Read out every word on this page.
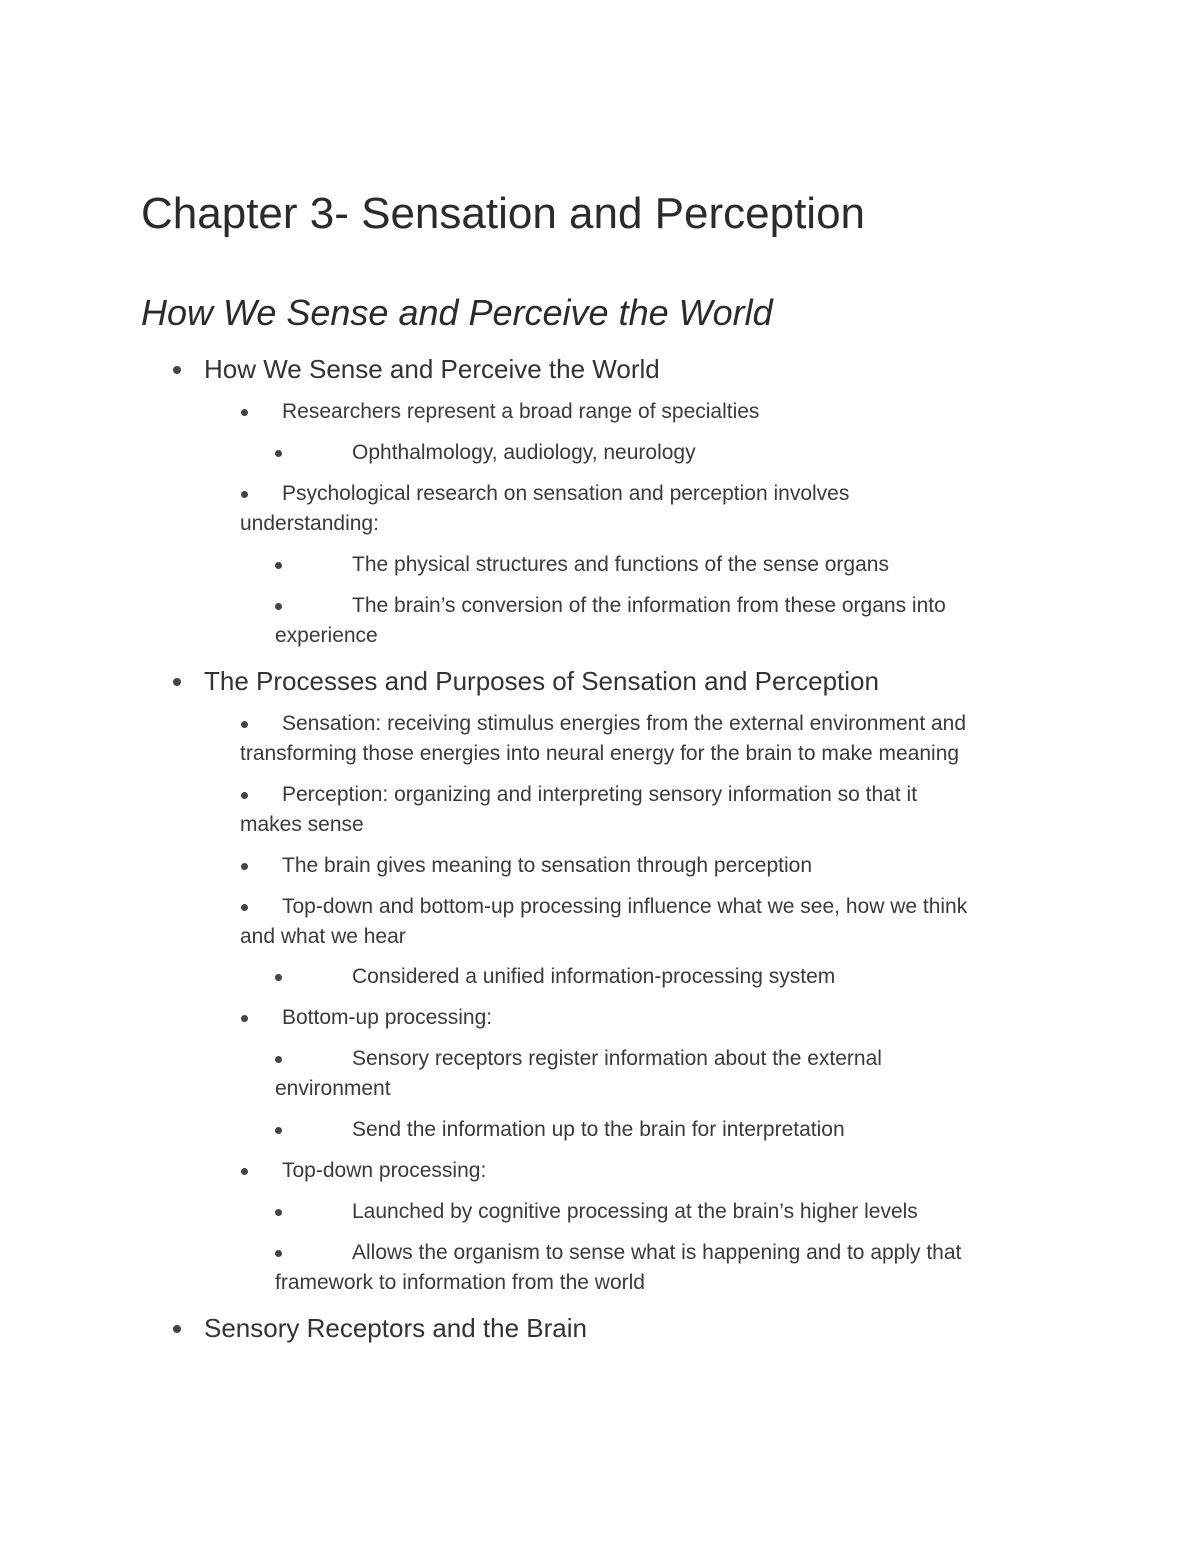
Chapter 3- Sensation and Perception
How We Sense and Perceive the World
How We Sense and Perceive the World
Researchers represent a broad range of specialties
Ophthalmology, audiology, neurology
Psychological research on sensation and perception involves
understanding:
The physical structures and functions of the sense organs
The brain’s conversion of the information from these organs into
experience
The Processes and Purposes of Sensation and Perception
Sensation: receiving stimulus energies from the external environment and
transforming those energies into neural energy for the brain to make meaning
Perception: organizing and interpreting sensory information so that it
makes sense
The brain gives meaning to sensation through perception
Top-down and bottom-up processing influence what we see, how we think
and what we hear
Considered a unified information-processing system
Bottom-up processing:
Sensory receptors register information about the external
environment
Send the information up to the brain for interpretation
Top-down processing:
Launched by cognitive processing at the brain’s higher levels
Allows the organism to sense what is happening and to apply that
framework to information from the world
Sensory Receptors and the Brain
